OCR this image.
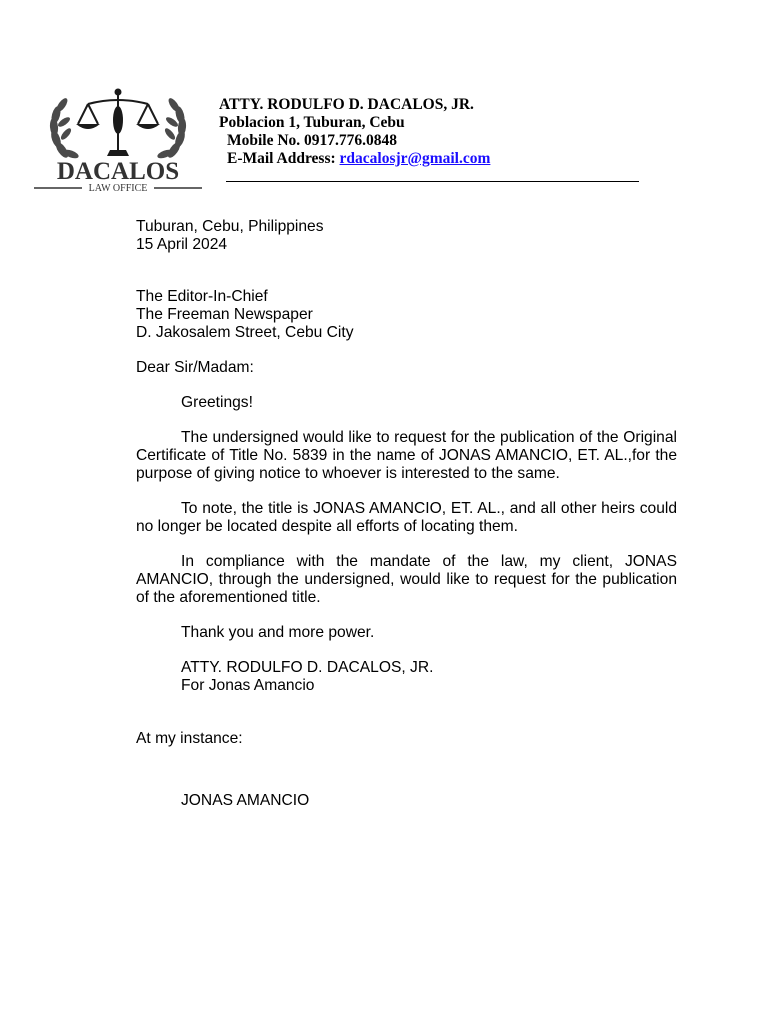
DACALOS
LAW OFFICE
ATTY. RODULFO D. DACALOS, JR.
Poblacion 1, Tuburan, Cebu
Mobile No. 0917.776.0848
E-Mail Address: rdacalosjr@gmail.com

Tuburan, Cebu, Philippines

15 April 2024

The Editor-In-Chief

The Freeman Newspaper

D. Jakosalem Street, Cebu City

Dear Sir/Madam:

Greetings!

The undersigned would like to request for the publication of the Original Certificate of Title No. 5839 in the name of JONAS AMANCIO, ET. AL.,for the purpose of giving notice to whoever is interested to the same.

To note, the title is JONAS AMANCIO, ET. AL., and all other heirs could no longer be located despite all efforts of locating them.

In compliance with the mandate of the law, my client, JONAS AMANCIO, through the undersigned, would like to request for the publication of the aforementioned title.

Thank you and more power.

ATTY. RODULFO D. DACALOS, JR.

For Jonas Amancio

At my instance:

JONAS AMANCIO
